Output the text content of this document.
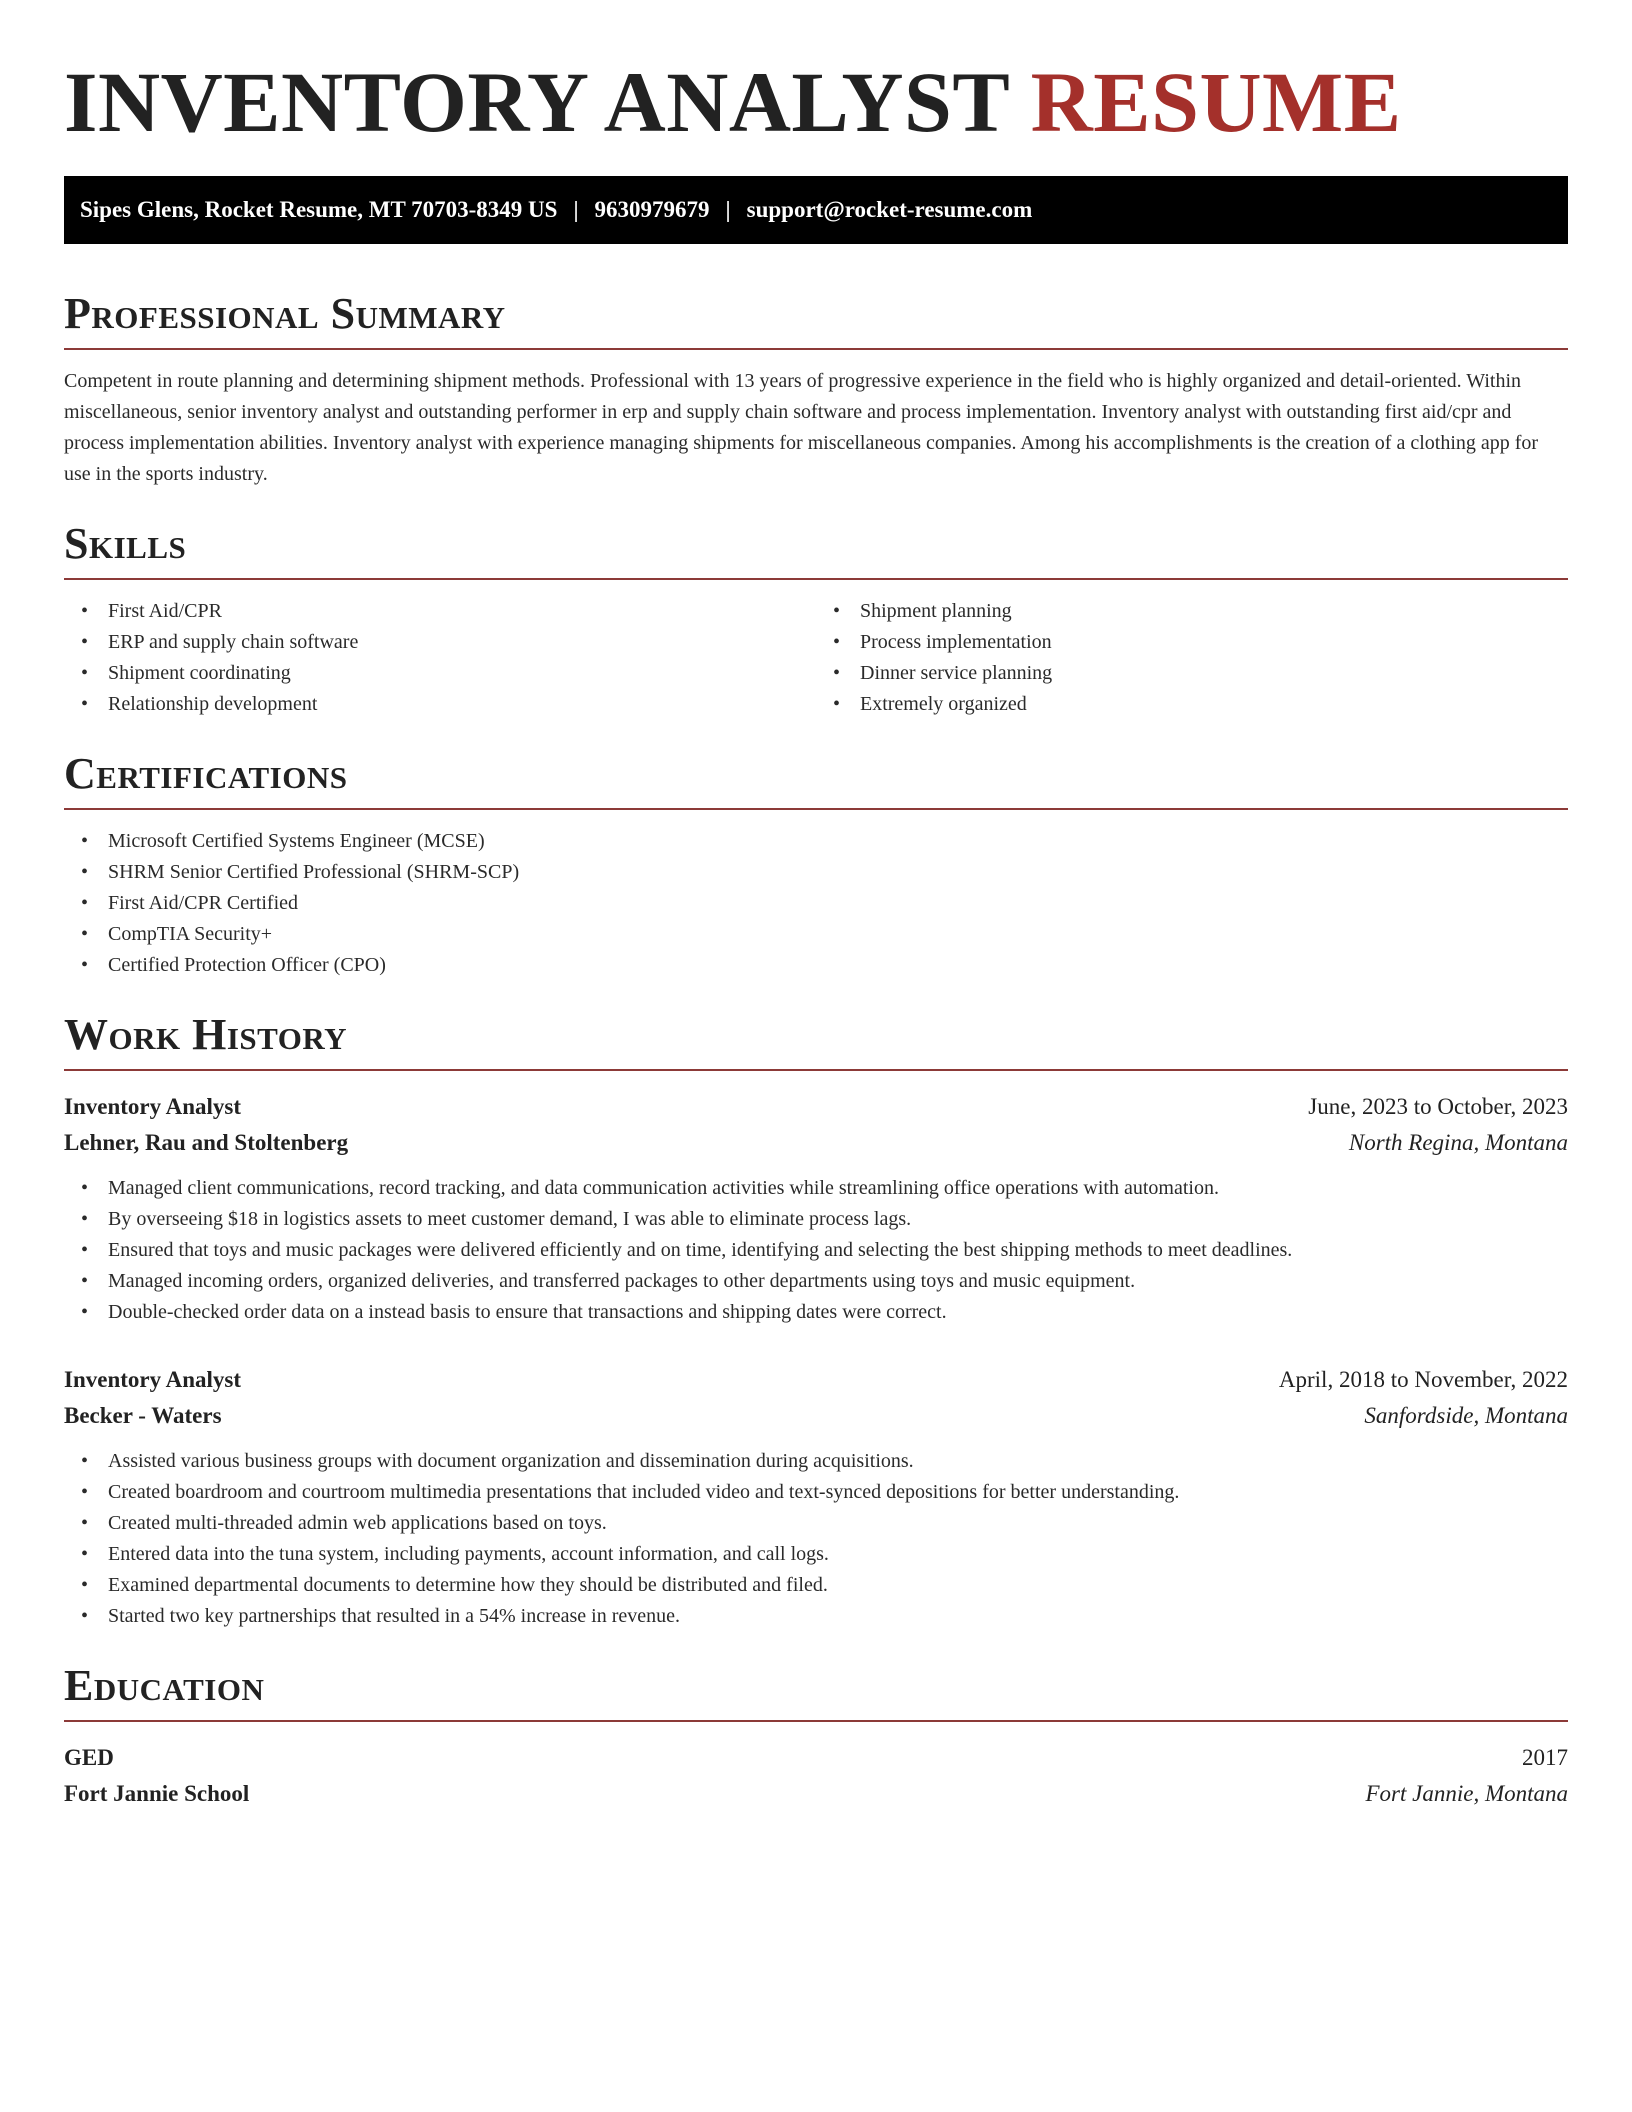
INVENTORY ANALYST RESUME
Sipes Glens, Rocket Resume, MT 70703-8349 US | 9630979679 | support@rocket-resume.com
Professional Summary

Competent in route planning and determining shipment methods. Professional with 13 years of progressive experience in the field who is highly organized and detail-oriented. Within miscellaneous, senior inventory analyst and outstanding performer in erp and supply chain software and process implementation. Inventory analyst with outstanding first aid/cpr and process implementation abilities. Inventory analyst with experience managing shipments for miscellaneous companies. Among his accomplishments is the creation of a clothing app for use in the sports industry.

Skills
• First Aid/CPR
• ERP and supply chain software
• Shipment coordinating
• Relationship development
• Shipment planning
• Process implementation
• Dinner service planning
• Extremely organized
Certifications
• Microsoft Certified Systems Engineer (MCSE)
• SHRM Senior Certified Professional (SHRM-SCP)
• First Aid/CPR Certified
• CompTIA Security+
• Certified Protection Officer (CPO)
Work History
Inventory Analyst	June, 2023 to October, 2023
Lehner, Rau and Stoltenberg	North Regina, Montana
• Managed client communications, record tracking, and data communication activities while streamlining office operations with automation.
• By overseeing $18 in logistics assets to meet customer demand, I was able to eliminate process lags.
• Ensured that toys and music packages were delivered efficiently and on time, identifying and selecting the best shipping methods to meet deadlines.
• Managed incoming orders, organized deliveries, and transferred packages to other departments using toys and music equipment.
• Double-checked order data on a instead basis to ensure that transactions and shipping dates were correct.
Inventory Analyst	April, 2018 to November, 2022
Becker - Waters	Sanfordside, Montana
• Assisted various business groups with document organization and dissemination during acquisitions.
• Created boardroom and courtroom multimedia presentations that included video and text-synced depositions for better understanding.
• Created multi-threaded admin web applications based on toys.
• Entered data into the tuna system, including payments, account information, and call logs.
• Examined departmental documents to determine how they should be distributed and filed.
• Started two key partnerships that resulted in a 54% increase in revenue.
Education
GED	2017
Fort Jannie School	Fort Jannie, Montana
